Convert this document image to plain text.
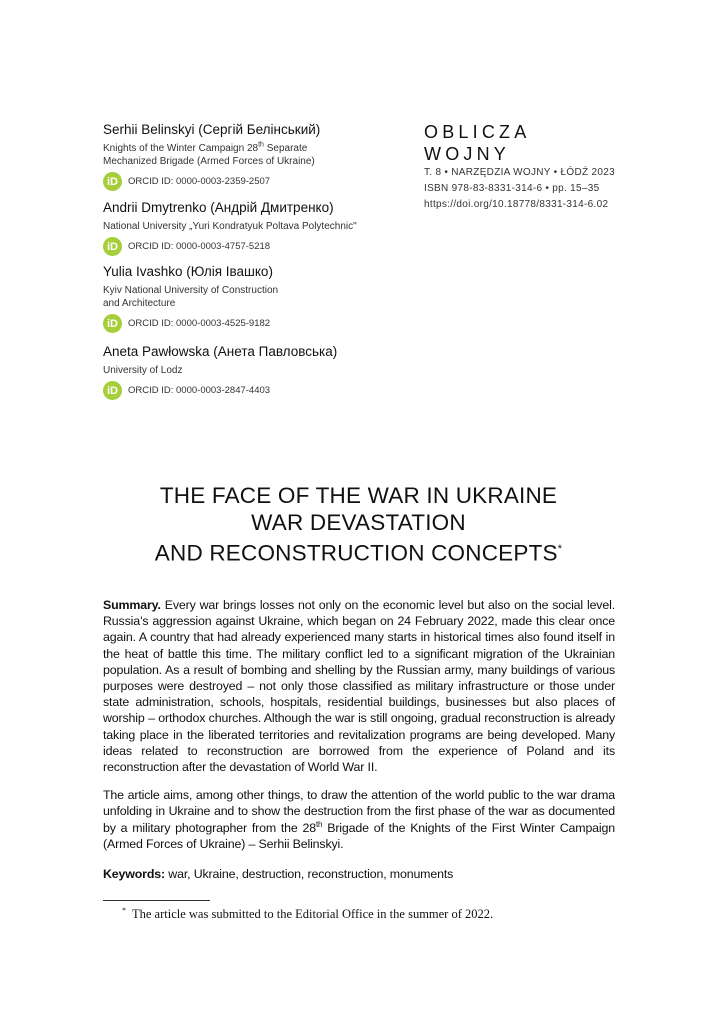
Serhii Belinskyi (Сергій Белінський)
Knights of the Winter Campaign 28th Separate
Mechanized Brigade (Armed Forces of Ukraine)
iD	ORCID ID: 0000-0003-2359-2507
Andrii Dmytrenko (Андрій Дмитренко)
National University „Yuri Kondratyuk Poltava Polytechnic"
iD	ORCID ID: 0000-0003-4757-5218
Yulia Ivashko (Юлія Івашко)
Kyiv National University of Construction
and Architecture
iD	ORCID ID: 0000-0003-4525-9182
Aneta Pawłowska (Анета Павловська)
University of Lodz
iD	ORCID ID: 0000-0003-2847-4403
OBLICZA WOJNY
T. 8 • NARZĘDZIA WOJNY • ŁÓDŹ 2023
ISBN 978-83-8331-314-6 • pp. 15–35
https://doi.org/10.18778/8331-314-6.02
THE FACE OF THE WAR IN UKRAINE
WAR DEVASTATION
AND RECONSTRUCTION CONCEPTS*
Summary. Every war brings losses not only on the economic level but also on the social level. Russia’s aggression against Ukraine, which began on 24 February 2022, made this clear once again. A country that had already experienced many starts in historical times also found itself in the heat of battle this time. The military conflict led to a significant migration of the Ukrainian population. As a result of bombing and shelling by the Russian army, many buildings of various purposes were destroyed – not only those classified as military infrastructure or those under state administration, schools, hospitals, residential buildings, businesses but also places of worship – orthodox churches. Although the war is still ongoing, gradual reconstruction is already taking place in the liberated territories and revitalization programs are being developed. Many ideas related to reconstruction are borrowed from the experience of Poland and its reconstruction after the devastation of World War II.
The article aims, among other things, to draw the attention of the world public to the war drama unfolding in Ukraine and to show the destruction from the first phase of the war as documented by a military photographer from the 28th Brigade of the Knights of the First Winter Campaign (Armed Forces of Ukraine) – Serhii Belinskyi.
Keywords: war, Ukraine, destruction, reconstruction, monuments
* The article was submitted to the Editorial Office in the summer of 2022.
